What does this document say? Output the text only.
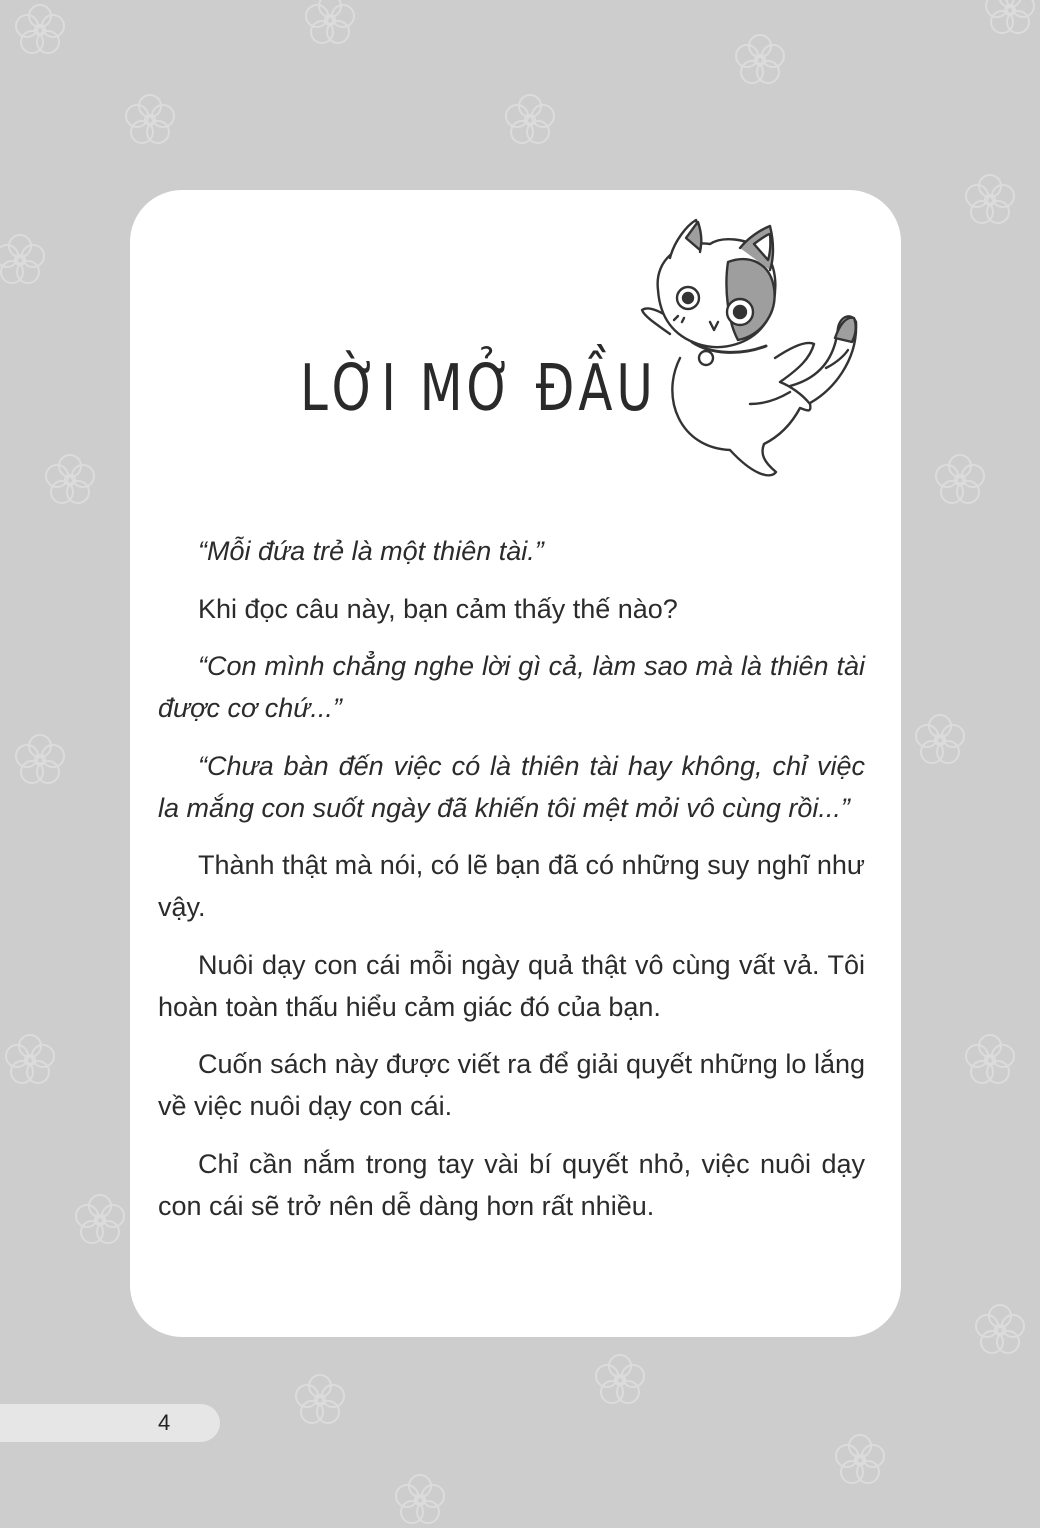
LỜI MỞ ĐẦU

“Mỗi đứa trẻ là một thiên tài.”

Khi đọc câu này, bạn cảm thấy thế nào?

“Con mình chẳng nghe lời gì cả, làm sao mà là thiên tài được cơ chứ...”

“Chưa bàn đến việc có là thiên tài hay không, chỉ việc la mắng con suốt ngày đã khiến tôi mệt mỏi vô cùng rồi...”

Thành thật mà nói, có lẽ bạn đã có những suy nghĩ như vậy.

Nuôi dạy con cái mỗi ngày quả thật vô cùng vất vả. Tôi hoàn toàn thấu hiểu cảm giác đó của bạn.

Cuốn sách này được viết ra để giải quyết những lo lắng về việc nuôi dạy con cái.

Chỉ cần nắm trong tay vài bí quyết nhỏ, việc nuôi dạy con cái sẽ trở nên dễ dàng hơn rất nhiều.

4
